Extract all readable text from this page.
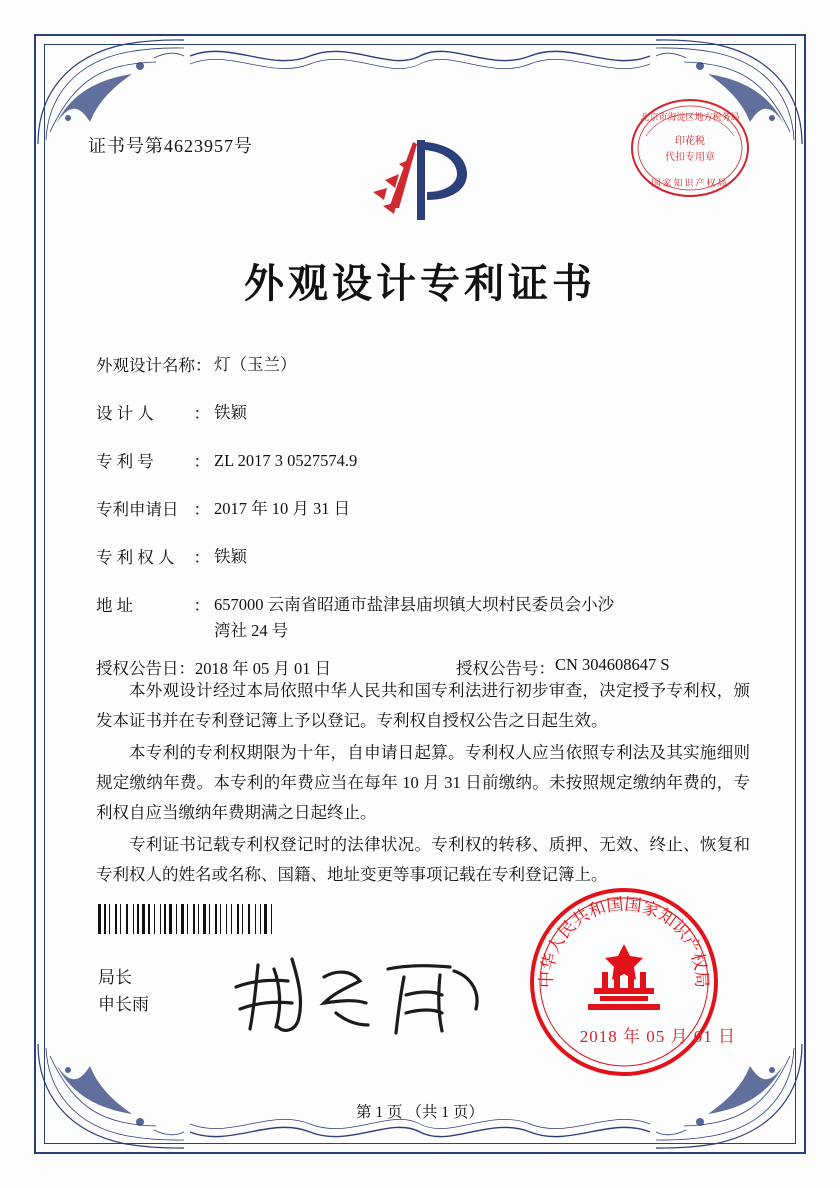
证书号第4623957号
北京市海淀区地方税务局
印花税
代扣专用章
国家知识产权局
外观设计专利证书
外观设计名称 ： 灯（玉兰）
设 计 人 ： 铁颖
专 利 号 ： ZL 2017 3 0527574.9
专利申请日 ： 2017 年 10 月 31 日
专 利 权 人 ： 铁颖
地 址	： 657000 云南省昭通市盐津县庙坝镇大坝村民委员会小沙
湾社 24 号
授权公告日 ： 2018 年 05 月 01 日	授权公告号 ： CN 304608647 S

本外观设计经过本局依照中华人民共和国专利法进行初步审查，决定授予专利权，颁发本证书并在专利登记簿上予以登记。专利权自授权公告之日起生效。

本专利的专利权期限为十年，自申请日起算。专利权人应当依照专利法及其实施细则规定缴纳年费。本专利的年费应当在每年 10 月 31 日前缴纳。未按照规定缴纳年费的，专利权自应当缴纳年费期满之日起终止。

专利证书记载专利权登记时的法律状况。专利权的转移、质押、无效、终止、恢复和专利权人的姓名或名称、国籍、地址变更等事项记载在专利登记簿上。

局长
申长雨
中华人民共和国国家知识产权局
2018 年 05 月 01 日
第 1 页 （共 1 页）
